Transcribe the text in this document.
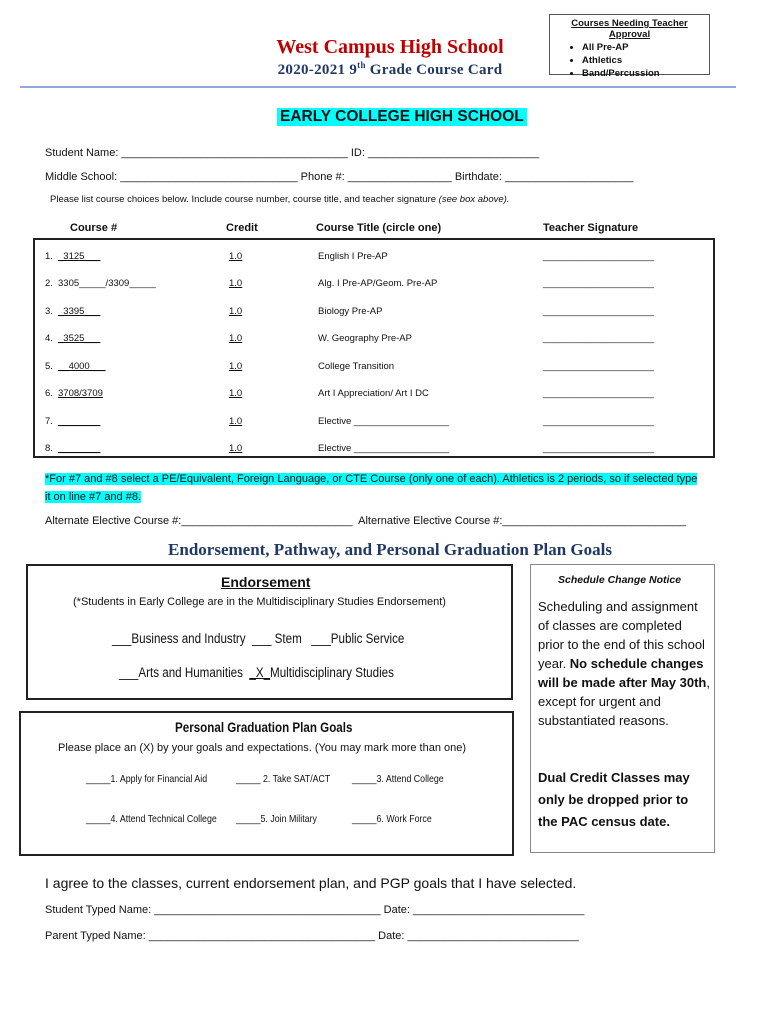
Courses Needing Teacher Approval
• All Pre-AP
• Athletics
• Band/Percussion
West Campus High School
2020-2021 9th Grade Course Card
EARLY COLLEGE HIGH SCHOOL
Student Name: _____________________________________ ID: ____________________________
Middle School: _____________________________ Phone #: _________________ Birthdate: _____________________
Please list course choices below. Include course number, course title, and teacher signature (see box above).
Course #	Credit	Course Title (circle one)	Teacher Signature
1. _3125___	1.0	English I Pre-AP	_____________________
2. 3305_____/3309_____	1.0	Alg. I Pre-AP/Geom. Pre-AP	_____________________
3. _3395___	1.0	Biology Pre-AP	_____________________
4. _3525___	1.0	W. Geography Pre-AP	_____________________
5. __4000___	1.0	College Transition	_____________________
6. 3708/3709	1.0	Art I Appreciation/ Art I DC	_____________________
7. ________	1.0	Elective __________________	_____________________
8. ________	1.0	Elective __________________	_____________________
*For #7 and #8 select a PE/Equivalent, Foreign Language, or CTE Course (only one of each). Athletics is 2 periods, so if selected type
it on line #7 and #8.
Alternate Elective Course #:____________________________  Alternative Elective Course #:______________________________
Endorsement, Pathway, and Personal Graduation Plan Goals
Endorsement
(*Students in Early College are in the Multidisciplinary Studies Endorsement)
___Business and Industry  ___ Stem   ___Public Service
___Arts and Humanities  _X_Multidisciplinary Studies
Personal Graduation Plan Goals
Please place an (X) by your goals and expectations. (You may mark more than one)
_____1. Apply for Financial Aid	_____ 2. Take SAT/ACT _____3. Attend College
_____4. Attend Technical College _____5. Join Military	_____6. Work Force
Schedule Change Notice
Scheduling and assignment of classes are completed prior to the end of this school year. No schedule changes will be made after May 30th, except for urgent and substantiated reasons.
Dual Credit Classes may only be dropped prior to the PAC census date.
I agree to the classes, current endorsement plan, and PGP goals that I have selected.
Student Typed Name: _____________________________________ Date: ____________________________
Parent Typed Name: _____________________________________ Date: ____________________________
